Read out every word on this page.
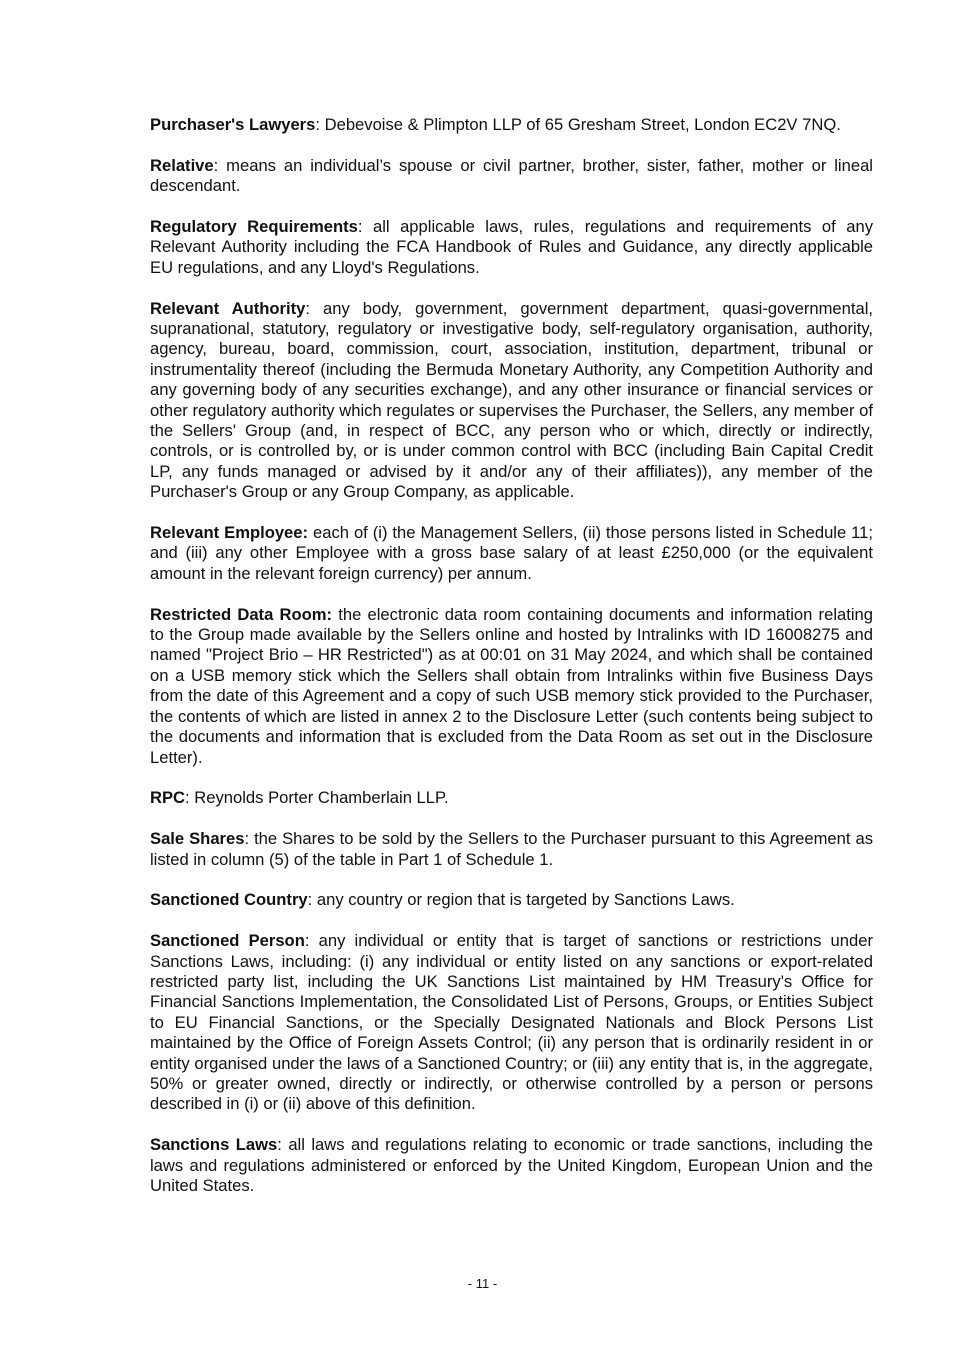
Purchaser's Lawyers: Debevoise & Plimpton LLP of 65 Gresham Street, London EC2V 7NQ.

Relative: means an individual’s spouse or civil partner, brother, sister, father, mother or lineal descendant.

Regulatory Requirements: all applicable laws, rules, regulations and requirements of any Relevant Authority including the FCA Handbook of Rules and Guidance, any directly applicable EU regulations, and any Lloyd's Regulations.

Relevant Authority: any body, government, government department, quasi-governmental, supranational, statutory, regulatory or investigative body, self-regulatory organisation, authority, agency, bureau, board, commission, court, association, institution, department, tribunal or instrumentality thereof (including the Bermuda Monetary Authority, any Competition Authority and any governing body of any securities exchange), and any other insurance or financial services or other regulatory authority which regulates or supervises the Purchaser, the Sellers, any member of the Sellers' Group (and, in respect of BCC, any person who or which, directly or indirectly, controls, or is controlled by, or is under common control with BCC (including Bain Capital Credit LP, any funds managed or advised by it and/or any of their affiliates)), any member of the Purchaser's Group or any Group Company, as applicable.

Relevant Employee: each of (i) the Management Sellers, (ii) those persons listed in Schedule 11; and (iii) any other Employee with a gross base salary of at least £250,000 (or the equivalent amount in the relevant foreign currency) per annum.

Restricted Data Room: the electronic data room containing documents and information relating to the Group made available by the Sellers online and hosted by Intralinks with ID 16008275 and named "Project Brio – HR Restricted") as at 00:01 on 31 May 2024, and which shall be contained on a USB memory stick which the Sellers shall obtain from Intralinks within five Business Days from the date of this Agreement and a copy of such USB memory stick provided to the Purchaser, the contents of which are listed in annex 2 to the Disclosure Letter (such contents being subject to the documents and information that is excluded from the Data Room as set out in the Disclosure Letter).

RPC: Reynolds Porter Chamberlain LLP.

Sale Shares: the Shares to be sold by the Sellers to the Purchaser pursuant to this Agreement as listed in column (5) of the table in Part 1 of Schedule 1.

Sanctioned Country: any country or region that is targeted by Sanctions Laws.

Sanctioned Person: any individual or entity that is target of sanctions or restrictions under Sanctions Laws, including: (i) any individual or entity listed on any sanctions or export-related restricted party list, including the UK Sanctions List maintained by HM Treasury's Office for Financial Sanctions Implementation, the Consolidated List of Persons, Groups, or Entities Subject to EU Financial Sanctions, or the Specially Designated Nationals and Block Persons List maintained by the Office of Foreign Assets Control; (ii) any person that is ordinarily resident in or entity organised under the laws of a Sanctioned Country; or (iii) any entity that is, in the aggregate, 50% or greater owned, directly or indirectly, or otherwise controlled by a person or persons described in (i) or (ii) above of this definition.

Sanctions Laws: all laws and regulations relating to economic or trade sanctions, including the laws and regulations administered or enforced by the United Kingdom, European Union and the United States.

- 11 -
